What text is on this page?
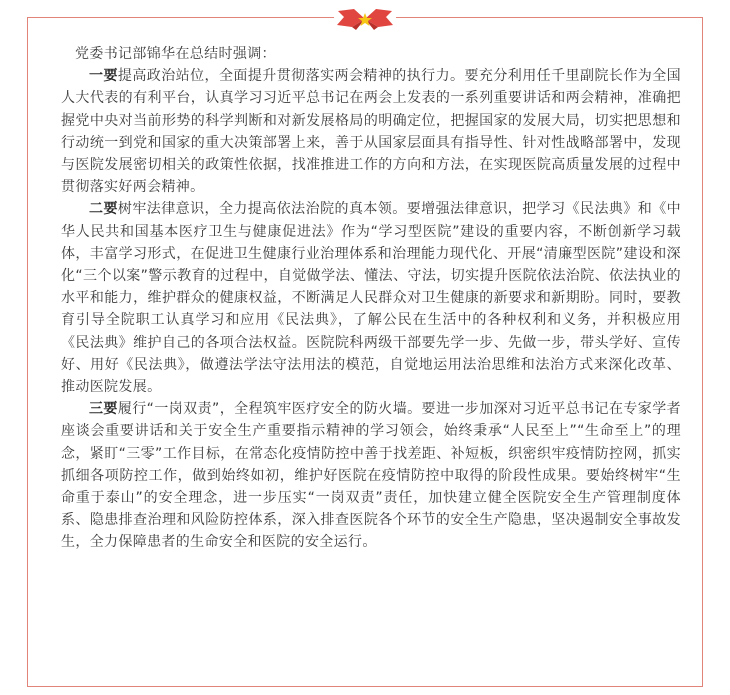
党委书记部锦华在总结时强调：

一要提高政治站位，全面提升贯彻落实两会精神的执行力。要充分利用任千里副院长作为全国人大代表的有利平台，认真学习习近平总书记在两会上发表的一系列重要讲话和两会精神，准确把握党中央对当前形势的科学判断和对新发展格局的明确定位，把握国家的发展大局，切实把思想和行动统一到党和国家的重大决策部署上来，善于从国家层面具有指导性、针对性战略部署中，发现与医院发展密切相关的政策性依据，找准推进工作的方向和方法，在实现医院高质量发展的过程中贯彻落实好两会精神。

二要树牢法律意识，全力提高依法治院的真本领。要增强法律意识，把学习《民法典》和《中华人民共和国基本医疗卫生与健康促进法》作为“学习型医院”建设的重要内容，不断创新学习载体，丰富学习形式，在促进卫生健康行业治理体系和治理能力现代化、开展“清廉型医院”建设和深化“三个以案”警示教育的过程中，自觉做学法、懂法、守法，切实提升医院依法治院、依法执业的水平和能力，维护群众的健康权益，不断满足人民群众对卫生健康的新要求和新期盼。同时，要教育引导全院职工认真学习和应用《民法典》，了解公民在生活中的各种权利和义务，并积极应用《民法典》维护自己的各项合法权益。医院院科两级干部要先学一步、先做一步，带头学好、宣传好、用好《民法典》，做遵法学法守法用法的模范，自觉地运用法治思维和法治方式来深化改革、推动医院发展。

三要履行“一岗双责”，全程筑牢医疗安全的防火墙。要进一步加深对习近平总书记在专家学者座谈会重要讲话和关于安全生产重要指示精神的学习领会，始终秉承“人民至上”“生命至上”的理念，紧盯“三零”工作目标，在常态化疫情防控中善于找差距、补短板，织密织牢疫情防控网，抓实抓细各项防控工作，做到始终如初，维护好医院在疫情防控中取得的阶段性成果。要始终树牢“生命重于泰山”的安全理念，进一步压实“一岗双责”责任，加快建立健全医院安全生产管理制度体系、隐患排查治理和风险防控体系，深入排查医院各个环节的安全生产隐患，坚决遏制安全事故发生，全力保障患者的生命安全和医院的安全运行。
